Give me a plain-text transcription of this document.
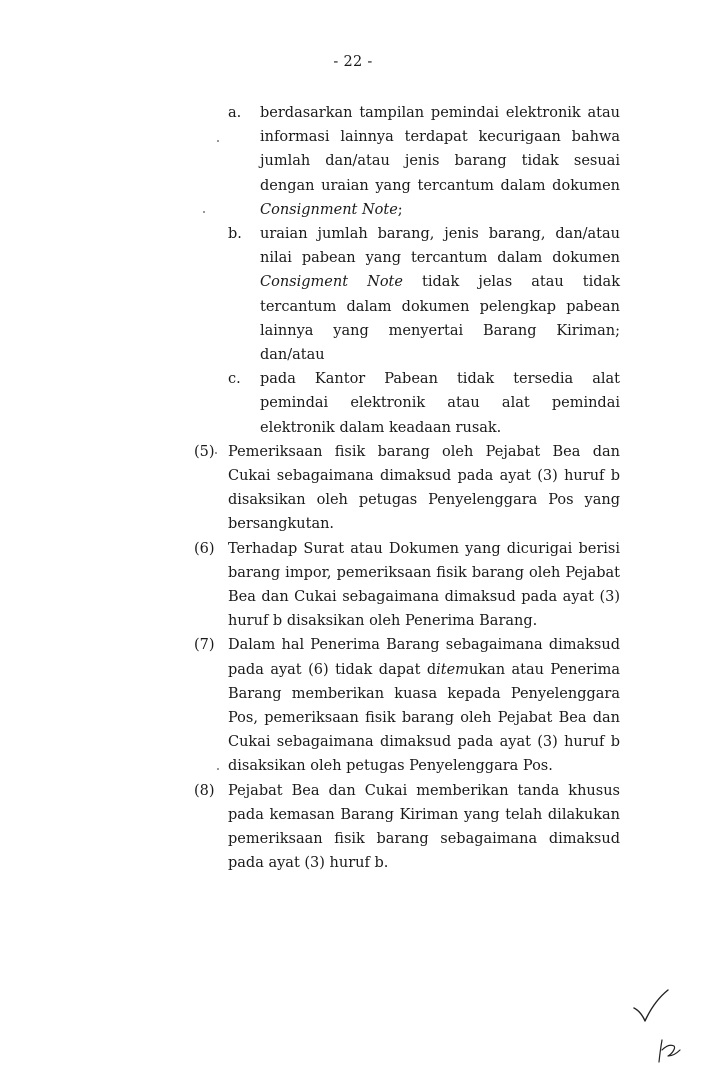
- 22 -
a. berdasarkan tampilan pemindai elektronik atau informasi lainnya terdapat kecurigaan bahwa jumlah dan/atau jenis barang tidak sesuai dengan uraian yang tercantum dalam dokumen Consignment Note;
b. uraian jumlah barang, jenis barang, dan/atau nilai pabean yang tercantum dalam dokumen Consigment Note tidak jelas atau tidak tercantum dalam dokumen pelengkap pabean lainnya yang menyertai Barang Kiriman; dan/atau
c. pada Kantor Pabean tidak tersedia alat pemindai elektronik atau alat pemindai elektronik dalam keadaan rusak.
(5) Pemeriksaan fisik barang oleh Pejabat Bea dan Cukai sebagaimana dimaksud pada ayat (3) huruf b disaksikan oleh petugas Penyelenggara Pos yang bersangkutan.
(6) Terhadap Surat atau Dokumen yang dicurigai berisi barang impor, pemeriksaan fisik barang oleh Pejabat Bea dan Cukai sebagaimana dimaksud pada ayat (3) huruf b disaksikan oleh Penerima Barang.
(7) Dalam hal Penerima Barang sebagaimana dimaksud pada ayat (6) tidak dapat ditemukan atau Penerima Barang memberikan kuasa kepada Penyelenggara Pos, pemeriksaan fisik barang oleh Pejabat Bea dan Cukai sebagaimana dimaksud pada ayat (3) huruf b disaksikan oleh petugas Penyelenggara Pos.
(8) Pejabat Bea dan Cukai memberikan tanda khusus pada kemasan Barang Kiriman yang telah dilakukan pemeriksaan fisik barang sebagaimana dimaksud pada ayat (3) huruf b.
